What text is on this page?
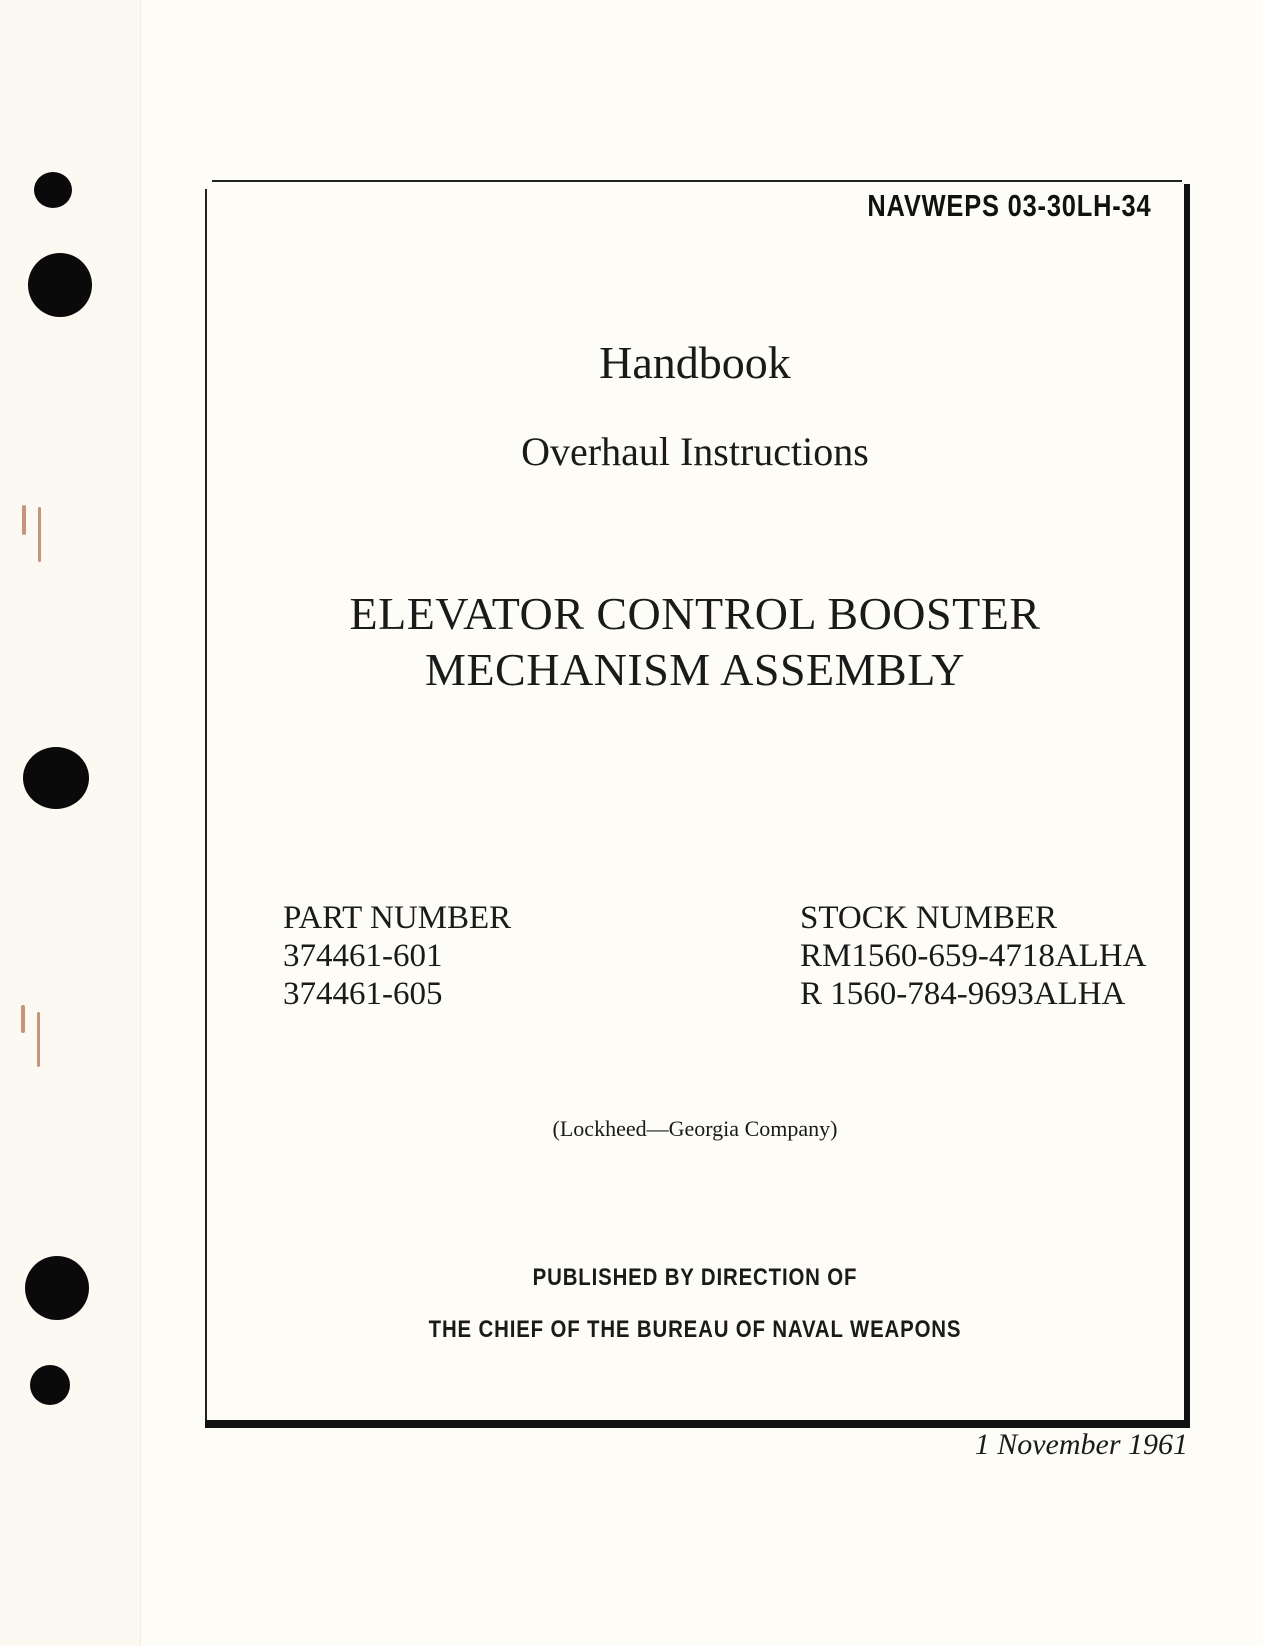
NAVWEPS 03-30LH-34
Handbook
Overhaul Instructions
ELEVATOR CONTROL BOOSTER
MECHANISM ASSEMBLY
PART NUMBER
374461-601
374461-605
STOCK NUMBER
RM1560-659-4718ALHA
R 1560-784-9693ALHA
(Lockheed—Georgia Company)
PUBLISHED BY DIRECTION OF
THE CHIEF OF THE BUREAU OF NAVAL WEAPONS
1 November 1961
